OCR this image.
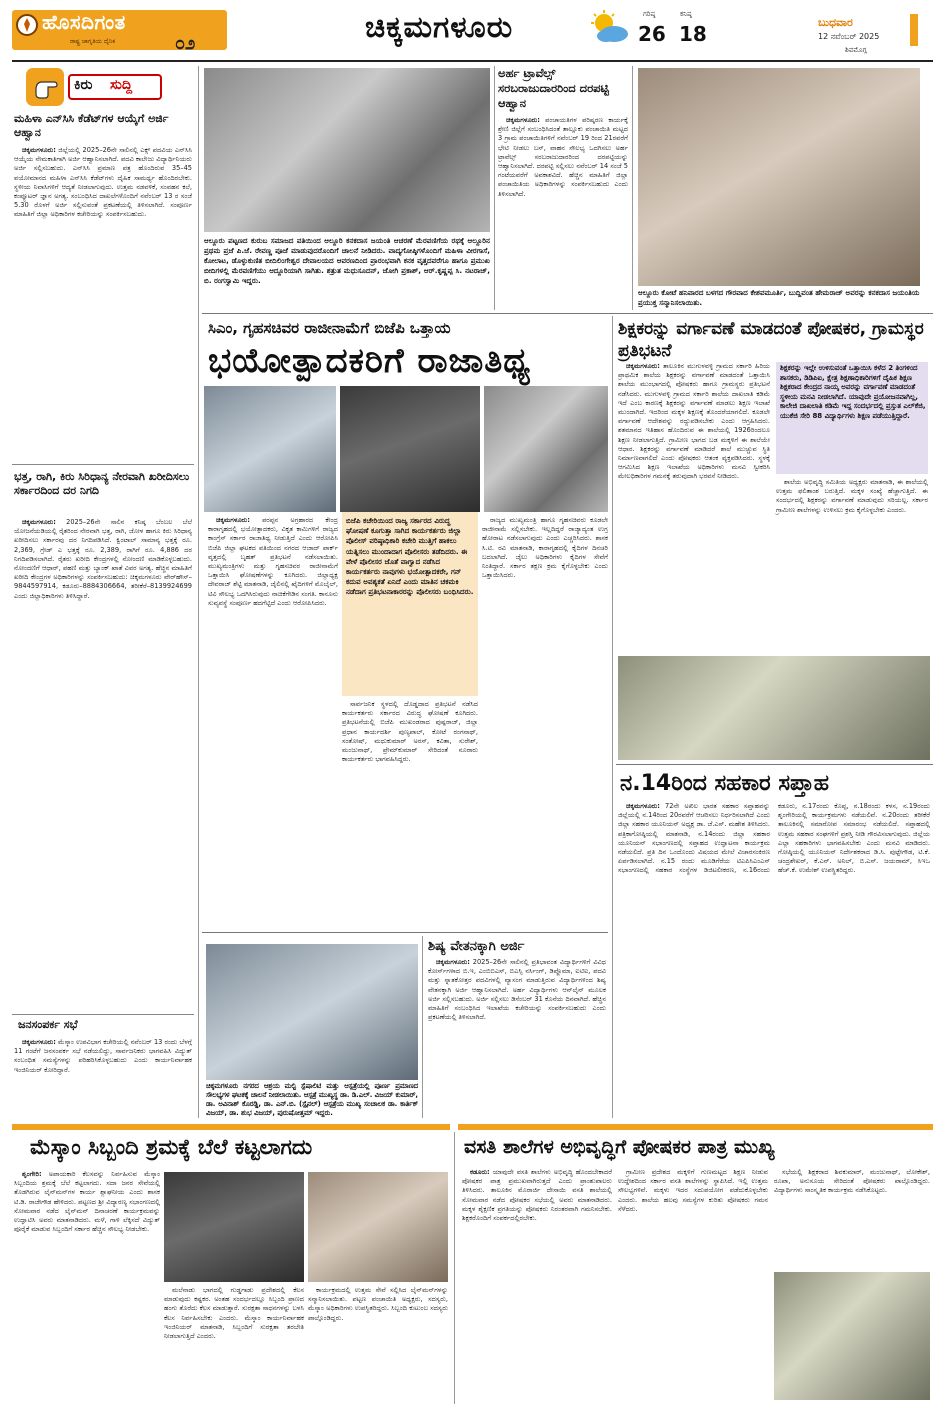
ಹೊಸದಿಗಂತ
ರಾಷ್ಟ್ರ ಜಾಗೃತಿಯ ದೈನಿಕ	೦೨	ಚಿಕ್ಕಮಗಳೂರು	ಗರಿಷ್ಠ
26
ಕನಿಷ್ಠ
18	ಬುಧವಾರ
12 ನವೆಂಬರ್ 2025
ಶಿವಮೊಗ್ಗ
ಕಿರು ಸುದ್ದಿ
ಮಹಿಳಾ ಎನ್‌ಸಿಸಿ ಕೆಡೆಟ್‌ಗಳ ಆಯ್ಕೆಗೆ ಅರ್ಜಿ ಆಹ್ವಾನ

ಚಿಕ್ಕಮಗಳೂರು: ಜಿಲ್ಲೆಯಲ್ಲಿ 2025–26ನೇ ಸಾಲಿನಲ್ಲಿ ಎಕ್ಸ್ ಪದವಿಯ ಎನ್‌ಸಿಸಿ ಆಯ್ಕೆಯ ನೇಮಕಾತಿಗಾಗಿ ಅರ್ಜಿ ಆಹ್ವಾನಿಸಲಾಗಿದೆ. ಪದವಿ ಕಾಲೇಜು ವಿದ್ಯಾರ್ಥಿನಿಯರು ಅರ್ಜಿ ಸಲ್ಲಿಸಬಹುದು. ಎನ್‌ಸಿಸಿ ಪ್ರಮಾಣ ಪತ್ರ ಹೊಂದಿರುವ 35–45 ವಯೋಮಾನದ ಮಹಿಳಾ ಎನ್‌ಸಿಸಿ ಕೆಡೆಟ್‌ಗಳು ದೈಹಿಕ ಸಾಮರ್ಥ್ಯ ಹೊಂದಿರಬೇಕು. ಸ್ಥಳೀಯ ನಿವಾಸಿಗಳಿಗೆ ಆದ್ಯತೆ ನೀಡಲಾಗುವುದು. ಉತ್ತಮ ನಡವಳಿಕೆ, ಸಂವಹನ ಕಲೆ, ಕಂಪ್ಯೂಟರ್ ಜ್ಞಾನ ಅಗತ್ಯ. ಸಂಬಂಧಿಸಿದ ದಾಖಲೆಗಳೊಂದಿಗೆ ನವೆಂಬರ್ 13 ರ ಸಂಜೆ 5.30 ರೊಳಗೆ ಅರ್ಜಿ ಸಲ್ಲಿಸುವಂತೆ ಪ್ರಕಟಣೆಯಲ್ಲಿ ತಿಳಿಸಲಾಗಿದೆ. ಸಂಪೂರ್ಣ ಮಾಹಿತಿಗೆ ಜಿಲ್ಲಾ ಅಧಿಕಾರಿಗಳ ಕಚೇರಿಯನ್ನು ಸಂಪರ್ಕಿಸಬಹುದು.

ಭತ್ತ, ರಾಗಿ, ಕಿರು ಸಿರಿಧಾನ್ಯ ನೇರವಾಗಿ ಖರೀದಿಸಲು ಸರ್ಕಾರದಿಂದ ದರ ನಿಗದಿ

ಚಿಕ್ಕಮಗಳೂರು: 2025–26ನೇ ಸಾಲಿನ ಕನಿಷ್ಠ ಬೆಂಬಲ ಬೆಲೆ ಯೋಜನೆಯಡಿಯಲ್ಲಿ ರೈತರಿಂದ ನೇರವಾಗಿ ಭತ್ತ, ರಾಗಿ, ಜೋಳ ಹಾಗೂ ಕಿರು ಸಿರಿಧಾನ್ಯ ಖರೀದಿಸಲು ಸರ್ಕಾರವು ದರ ನಿಗದಿಪಡಿಸಿದೆ. ಕ್ವಿಂಟಾಲ್ ಸಾಮಾನ್ಯ ಭತ್ತಕ್ಕೆ ರೂ. 2,369, ಗ್ರೇಡ್ ಎ ಭತ್ತಕ್ಕೆ ರೂ. 2,389, ರಾಗಿಗೆ ರೂ. 4,886 ದರ ನಿಗದಿಪಡಿಸಲಾಗಿದೆ. ರೈತರು ಖರೀದಿ ಕೇಂದ್ರಗಳಲ್ಲಿ ನೋಂದಣಿ ಮಾಡಿಕೊಳ್ಳಬಹುದು. ನೋಂದಣಿಗೆ ಆಧಾರ್, ಪಹಣಿ ಮತ್ತು ಬ್ಯಾಂಕ್ ಖಾತೆ ವಿವರ ಅಗತ್ಯ. ಹೆಚ್ಚಿನ ಮಾಹಿತಿಗೆ ಖರೀದಿ ಕೇಂದ್ರಗಳ ಅಧಿಕಾರಿಗಳನ್ನು ಸಂಪರ್ಕಿಸಬಹುದು: ಚಿಕ್ಕಮಗಳೂರು ವೇರ್‌ಹೌಸ್–9844597914, ಕಡೂರು–8884306664, ತರೀಕೆರೆ–8139924699 ಎಂದು ಜಿಲ್ಲಾಧಿಕಾರಿಗಳು ತಿಳಿಸಿದ್ದಾರೆ.

ಜನಸಂಪರ್ಕ ಸಭೆ

ಚಿಕ್ಕಮಗಳೂರು: ಮೆಸ್ಕಾಂ ಉಪವಿಭಾಗ ಕಚೇರಿಯಲ್ಲಿ ನವೆಂಬರ್ 13 ರಂದು ಬೆಳಗ್ಗೆ 11 ಗಂಟೆಗೆ ಜನಸಂಪರ್ಕ ಸಭೆ ನಡೆಯಲಿದ್ದು, ಸಾರ್ವಜನಿಕರು ಭಾಗವಹಿಸಿ ವಿದ್ಯುತ್ ಸಂಬಂಧಿತ ಸಮಸ್ಯೆಗಳನ್ನು ಪರಿಹರಿಸಿಕೊಳ್ಳಬಹುದು ಎಂದು ಕಾರ್ಯನಿರ್ವಾಹಕ ಇಂಜಿನಿಯರ್ ಕೋರಿದ್ದಾರೆ.

ಆಲ್ದೂರು ಪಟ್ಟಣದ ಕುರುಬ ಸಮಾಜದ ವತಿಯಿಂದ ಆಲ್ದೂರಿ ಕನಕದಾಸ ಜಯಂತಿ ಆಚರಣೆ ಮೆರವಣಿಗೆಯ ರಥಕ್ಕೆ ಆಲ್ದೂರಿನ ಪ್ರಥಮ ಪ್ರಜೆ ಪಿ.ಜೆ. ರೇವಣ್ಣ ಪೂಜೆ ಮಾಡುವುದರೊಂದಿಗೆ ಚಾಲನೆ ನೀಡಿದರು. ವಾದ್ಯಗೋಷ್ಠಿಗಳೊಂದಿಗೆ ಮಹಿಳಾ ವೀರಗಾಸೆ, ಕೋಲಾಟ, ಡೊಳ್ಳುಕುಣಿತ ಬೀದಿಲಿಂಗೇಶ್ವರ ದೇವಾಲಯದ ಆವರಣದಿಂದ ಪ್ರಾರಂಭವಾಗಿ ಕನಕ ವೃತ್ತದವರೆಗೂ ಹಾಗೂ ಪ್ರಮುಖ ಬೀದಿಗಳಲ್ಲಿ ಮೆರವಣಿಗೆಯು ಆದ್ದೂರಿಯಾಗಿ ಸಾಗಿತು. ಶತ್ರುತ ಮಧುಸೂದನ್, ಜೋಗಿ ಪ್ರಕಾಶ್, ಆರ್.ಕೃಷ್ಣಪ್ಪ ಸಿ. ನಟರಾಜ್, ಬಿ. ರಂಗಸ್ವಾಮಿ ಇದ್ದರು.
ಅರ್ಹ ಟ್ರಾವೆಲ್ಸ್ ಸರಬರಾಜುದಾರರಿಂದ ದರಪಟ್ಟಿ ಆಹ್ವಾನ

ಚಿಕ್ಕಮಗಳೂರು: ಪಂಚಾಯತಿಗಳ ಪರಿಷ್ಕರಣ ಕಾರ್ಯಕ್ಕೆ ಶ್ರೇಣಿ ಜಿಲ್ಲೆಗೆ ಸಂಬಂಧಿಸಿದಂತೆ ತಾಲ್ಲೂಕು ಪಂಚಾಯಿತಿ ಮಟ್ಟದ 3 ಗ್ರಾಮ ಪಂಚಾಯಿತಿಗಳಿಗೆ ನವೆಂಬರ್ 19 ರಿಂದ 21ರವರೆಗೆ ಭೇಟಿ ನೀಡಲು ಬಸ್, ವಾಹನ ಸೌಲಭ್ಯ ಒದಗಿಸಲು ಅರ್ಹ ಟ್ರಾವೆಲ್ಸ್ ಸರಬರಾಜುದಾರರಿಂದ ದರಪಟ್ಟಿಯನ್ನು ಆಹ್ವಾನಿಸಲಾಗಿದೆ. ದರಪಟ್ಟಿ ಸಲ್ಲಿಸಲು ನವೆಂಬರ್ 14 ಸಂಜೆ 5 ಗಂಟೆಯವರೆಗೆ ಅವಕಾಶವಿದೆ. ಹೆಚ್ಚಿನ ಮಾಹಿತಿಗೆ ಜಿಲ್ಲಾ ಪಂಚಾಯಿತಿಯ ಅಧಿಕಾರಿಗಳನ್ನು ಸಂಪರ್ಕಿಸಬಹುದು ಎಂದು ತಿಳಿಸಲಾಗಿದೆ.

ಆಲ್ದೂರು ಕೋಟೆ ಹನಿವಾರದ ಬಳಗದ ಗೌರವಾದ ಕೇಶವಮೂರ್ತಿ, ಬುದ್ದಿವಂತ ಹೇಮರಾಜ್ ಅವರನ್ನು ಕನಕದಾಸ ಜಯಂತಿಯ ಪ್ರಯುಕ್ತ ಸನ್ಮಾನಿಸಲಾಯಿತು.
ಸಿಎಂ, ಗೃಹಸಚಿವರ ರಾಜೀನಾಮೆಗೆ ಬಿಜೆಪಿ ಒತ್ತಾಯ
ಭಯೋತ್ಪಾದಕರಿಗೆ ರಾಜಾತಿಥ್ಯ

ಚಿಕ್ಕಮಗಳೂರು: ಪರಪ್ಪನ ಅಗ್ರಹಾರದ ಕೇಂದ್ರ ಕಾರಾಗೃಹದಲ್ಲಿ ಭಯೋತ್ಪಾದಕರು, ವಿಕೃತ ಕಾಮಿಗಳಿಗೆ ರಾಜ್ಯದ ಕಾಂಗ್ರೆಸ್ ಸರ್ಕಾರ ರಾಜಾತಿಥ್ಯ ನೀಡುತ್ತಿದೆ ಎಂದು ಆರೋಪಿಸಿ ಬಿಜೆಪಿ ಜಿಲ್ಲಾ ಘಟಕದ ವತಿಯಿಂದ ನಗರದ ಆಜಾದ್ ಪಾರ್ಕ್ ವೃತ್ತದಲ್ಲಿ ಬೃಹತ್ ಪ್ರತಿಭಟನೆ ನಡೆಸಲಾಯಿತು. ಮುಖ್ಯಮಂತ್ರಿಗಳು ಮತ್ತು ಗೃಹಸಚಿವರ ರಾಜೀನಾಮೆಗೆ ಒತ್ತಾಯಿಸಿ ಘೋಷಣೆಗಳನ್ನು ಕೂಗಿದರು. ಜಿಲ್ಲಾಧ್ಯಕ್ಷ ದೇವರಾಜ್ ಶೆಟ್ಟಿ ಮಾತನಾಡಿ, ಜೈಲಿನಲ್ಲಿ ಖೈದಿಗಳಿಗೆ ಮೊಬೈಲ್, ಟಿವಿ ಸೌಲಭ್ಯ ಒದಗಿಸಿರುವುದು ನಾಚಿಕೆಗೇಡಿನ ಸಂಗತಿ. ಕಾನೂನು ಸುವ್ಯವಸ್ಥೆ ಸಂಪೂರ್ಣ ಹದಗೆಟ್ಟಿದೆ ಎಂದು ಆರೋಪಿಸಿದರು.

ಬಿಜೆಪಿ ಕಚೇರಿಯಿಂದ ರಾಜ್ಯ ಸರ್ಕಾರದ ವಿರುದ್ಧ ಘೋಷಣೆ ಕೂಗುತ್ತಾ ಸಾಗಿದ ಕಾರ್ಯಕರ್ತರು ಜಿಲ್ಲಾ ಪೊಲೀಸ್ ವರಿಷ್ಠಾಧಿಕಾರಿ ಕಚೇರಿ ಮುತ್ತಿಗೆ ಹಾಕಲು ಯತ್ನಿಸಲು ಮುಂದಾದಾಗ ಪೊಲೀಸರು ತಡೆದಿದರು. ಈ ವೇಳೆ ಪೊಲೀಸರ ಜೊತೆ ವಾಗ್ವಾದ ನಡೆಸಿದ ಕಾರ್ಯಕರ್ತರು ನಾವುಗಳು ಭಯೋತ್ಪಾದಕರೇ, ಗನ್ ಕದುವ ಅವಶ್ಯಕತೆ ಏನಿದೆ ಎಂದು ಮಾತಿನ ಚಕಮಕಿ ನಡೆದಾಗ ಪ್ರತಿಭಟನಾಕಾರರನ್ನು ಪೊಲೀಸರು ಬಂಧಿಸಿದರು.

ಸಾರ್ವಜನಿಕ ಸ್ಥಳದಲ್ಲಿ ದೊಡ್ಡದಾದ ಪ್ರತಿಭಟನೆ ನಡೆಸಿದ ಕಾರ್ಯಕರ್ತರು ಸರ್ಕಾರದ ವಿರುದ್ಧ ಘೋಷಣೆ ಕೂಗಿದರು. ಪ್ರತಿಭಟನೆಯಲ್ಲಿ ಬಿಜೆಪಿ ಮುಖಂಡರಾದ ಪುಷ್ಪರಾಜ್, ಜಿಲ್ಲಾ ಪ್ರಧಾನ ಕಾರ್ಯದರ್ಶಿ ಪುಣ್ಯಪಾಲ್, ಕೋಟೆ ರಂಗನಾಥ್, ಸಂತೋಷ್, ಮಧುಕುಮಾರ್ ಅರಸ್, ಕವಿತಾ, ಸುರೇಶ್, ಮಂಜುನಾಥ್, ಪ್ರೇಮ್‌ಕುಮಾರ್ ಸೇರಿದಂತೆ ನೂರಾರು ಕಾರ್ಯಕರ್ತರು ಭಾಗವಹಿಸಿದ್ದರು.

ರಾಜ್ಯದ ಮುಖ್ಯಮಂತ್ರಿ ಹಾಗೂ ಗೃಹಸಚಿವರು ಕೂಡಲೇ ರಾಜೀನಾಮೆ ಸಲ್ಲಿಸಬೇಕು. ಇಲ್ಲದಿದ್ದರೆ ರಾಜ್ಯಾದ್ಯಂತ ಉಗ್ರ ಹೋರಾಟ ನಡೆಸಲಾಗುವುದು ಎಂದು ಎಚ್ಚರಿಸಿದರು. ಶಾಸಕ ಸಿ.ಟಿ. ರವಿ ಮಾತನಾಡಿ, ಕಾರಾಗೃಹದಲ್ಲಿ ಕೈದಿಗಳ ದಿನಚರಿ ಬದಲಾಗಿದೆ. ಜೈಲು ಅಧಿಕಾರಿಗಳು ಕೈದಿಗಳ ಸೇವೆಗೆ ನಿಂತಿದ್ದಾರೆ. ಸರ್ಕಾರ ತಕ್ಷಣ ಕ್ರಮ ಕೈಗೊಳ್ಳಬೇಕು ಎಂದು ಒತ್ತಾಯಿಸಿದರು.

ಶಿಕ್ಷಕರನ್ನು ವರ್ಗಾವಣೆ ಮಾಡದಂತೆ ಪೋಷಕರ, ಗ್ರಾಮಸ್ಥರ ಪ್ರತಿಭಟನೆ

ಚಿಕ್ಕಮಗಳೂರು: ತಾಲೂಕಿನ ಮುಗುಳವಳ್ಳಿ ಗ್ರಾಮದ ಸರ್ಕಾರಿ ಹಿರಿಯ ಪ್ರಾಥಮಿಕ ಶಾಲೆಯ ಶಿಕ್ಷಕರನ್ನು ವರ್ಗಾವಣೆ ಮಾಡದಂತೆ ಒತ್ತಾಯಿಸಿ ಶಾಲೆಯ ಮುಂಭಾಗದಲ್ಲಿ ಪೋಷಕರು ಹಾಗೂ ಗ್ರಾಮಸ್ಥರು ಪ್ರತಿಭಟನೆ ನಡೆಸಿದರು. ಮುಗುಳವಳ್ಳಿ ಗ್ರಾಮದ ಸರ್ಕಾರಿ ಶಾಲೆಯ ದಾಖಲಾತಿ ಕಡಿಮೆ ಇದೆ ಎಂಬ ಕಾರಣಕ್ಕೆ ಶಿಕ್ಷಕರನ್ನು ವರ್ಗಾವಣೆ ಮಾಡಲು ಶಿಕ್ಷಣ ಇಲಾಖೆ ಮುಂದಾಗಿದೆ. ಇದರಿಂದ ಮಕ್ಕಳ ಶಿಕ್ಷಣಕ್ಕೆ ತೊಂದರೆಯಾಗಲಿದೆ. ಕೂಡಲೇ ವರ್ಗಾವಣೆ ಆದೇಶವನ್ನು ರದ್ದುಪಡಿಸಬೇಕು ಎಂದು ಆಗ್ರಹಿಸಿದರು. ಶತಮಾನದ ಇತಿಹಾಸ ಹೊಂದಿರುವ ಈ ಶಾಲೆಯಲ್ಲಿ 1926ರಿಂದಲೂ ಶಿಕ್ಷಣ ನೀಡಲಾಗುತ್ತಿದೆ. ಗ್ರಾಮೀಣ ಭಾಗದ ಬಡ ಮಕ್ಕಳಿಗೆ ಈ ಶಾಲೆಯೇ ಆಧಾರ. ಶಿಕ್ಷಕರನ್ನು ವರ್ಗಾವಣೆ ಮಾಡಿದರೆ ಶಾಲೆ ಮುಚ್ಚುವ ಸ್ಥಿತಿ ನಿರ್ಮಾಣವಾಗಲಿದೆ ಎಂದು ಪೋಷಕರು ಆತಂಕ ವ್ಯಕ್ತಪಡಿಸಿದರು. ಸ್ಥಳಕ್ಕೆ ಆಗಮಿಸಿದ ಶಿಕ್ಷಣ ಇಲಾಖೆಯ ಅಧಿಕಾರಿಗಳು ಮನವಿ ಸ್ವೀಕರಿಸಿ ಮೇಲಧಿಕಾರಿಗಳ ಗಮನಕ್ಕೆ ತರುವುದಾಗಿ ಭರವಸೆ ನೀಡಿದರು.

ಶಿಕ್ಷಕರನ್ನು ಇಲ್ಲೇ ಉಳಿಸುವಂತೆ ಒತ್ತಾಯಿಸಿ ಕಳೆದ 2 ತಿಂಗಳಿಂದ ಶಾಸಕರು, ಡಿಡಿಪಿಐ, ಕ್ಷೇತ್ರ ಶಿಕ್ಷಣಾಧಿಕಾರಿಗಳಿಗೆ ದೈಹಿಕ ಶಿಕ್ಷಣ ಶಿಕ್ಷಕರಾದ ಕೇಂದ್ರದ ನಾಯ್ಕ ಅವರನ್ನು ವರ್ಗಾವಣೆ ಮಾಡದಂತೆ ಸ್ಥಳೀಯ ಮನವಿ ನೀಡಲಾಗಿದೆ. ಯಾವುದೇ ಪ್ರಯೋಜನವಾಗಿಲ್ಲ, ಕಾಲೇಜಿ ದಾಖಲಾತಿ ಕಡಿಮೆ ಇದ್ದ ಸಂದರ್ಭದಲ್ಲಿ ಪ್ರಸ್ತುತ ಎಲ್‌ಕೆಜಿ, ಯುಕೆಜಿ ಸೇರಿ 88 ವಿದ್ಯಾರ್ಥಿಗಳು ಶಿಕ್ಷಣ ಪಡೆಯುತ್ತಿದ್ದಾರೆ.

ಶಾಲೆಯ ಅಭಿವೃದ್ಧಿ ಸಮಿತಿಯ ಅಧ್ಯಕ್ಷರು ಮಾತನಾಡಿ, ಈ ಶಾಲೆಯಲ್ಲಿ ಉತ್ತಮ ಫಲಿತಾಂಶ ಬರುತ್ತಿದೆ. ಮಕ್ಕಳ ಸಂಖ್ಯೆ ಹೆಚ್ಚಾಗುತ್ತಿದೆ. ಈ ಸಂದರ್ಭದಲ್ಲಿ ಶಿಕ್ಷಕರನ್ನು ವರ್ಗಾವಣೆ ಮಾಡುವುದು ಸರಿಯಲ್ಲ. ಸರ್ಕಾರ ಗ್ರಾಮೀಣ ಶಾಲೆಗಳನ್ನು ಉಳಿಸಲು ಕ್ರಮ ಕೈಗೊಳ್ಳಬೇಕು ಎಂದರು.

ನ.14ರಿಂದ ಸಹಕಾರ ಸಪ್ತಾಹ

ಚಿಕ್ಕಮಗಳೂರು: 72ನೇ ಅಖಿಲ ಭಾರತ ಸಹಕಾರ ಸಪ್ತಾಹವನ್ನು ಜಿಲ್ಲೆಯಲ್ಲಿ ನ.14ರಿಂದ 20ರವರೆಗೆ ಆಚರಿಸಲು ನಿರ್ಧರಿಸಲಾಗಿದೆ ಎಂದು ಜಿಲ್ಲಾ ಸಹಕಾರ ಯೂನಿಯನ್ ಅಧ್ಯಕ್ಷ ಡಾ. ಜೆ.ಎಸ್. ಮಹೇಶ ತಿಳಿಸಿದರು. ಪತ್ರಿಕಾಗೋಷ್ಠಿಯಲ್ಲಿ ಮಾತನಾಡಿ, ನ.14ರಂದು ಜಿಲ್ಲಾ ಸಹಕಾರ ಯೂನಿಯನ್ ಸಭಾಂಗಣದಲ್ಲಿ ಸಪ್ತಾಹದ ಉದ್ಘಾಟನಾ ಕಾರ್ಯಕ್ರಮ ನಡೆಯಲಿದೆ. ಪ್ರತಿ ದಿನ ಒಂದೊಂದು ವಿಷಯದ ಮೇಲೆ ವಿಚಾರಸಂಕಿರಣ ಏರ್ಪಡಿಸಲಾಗಿದೆ. ನ.15 ರಂದು ಮೂಡಿಗೆರೆಯ ಟಿಎಪಿಸಿಎಂಎಸ್ ಸಭಾಂಗಣದಲ್ಲಿ ಸಹಕಾರ ಸಂಸ್ಥೆಗಳ ಡಿಜಿಟಲೀಕರಣ, ನ.16ರಂದು ಕಡೂರು, ನ.17ರಂದು ಕೊಪ್ಪ, ನ.18ರಂದು ಕಳಸ, ನ.19ರಂದು ಶೃಂಗೇರಿಯಲ್ಲಿ ಕಾರ್ಯಕ್ರಮಗಳು ನಡೆಯಲಿವೆ. ನ.20ರಂದು ತರೀಕೆರೆ ತಾಲೂಕಿನಲ್ಲಿ ಸಮಾರೋಪ ಸಮಾರಂಭ ನಡೆಯಲಿದೆ. ಸಪ್ತಾಹದಲ್ಲಿ ಉತ್ತಮ ಸಹಕಾರ ಸಂಘಗಳಿಗೆ ಪ್ರಶಸ್ತಿ ನೀಡಿ ಗೌರವಿಸಲಾಗುವುದು. ಜಿಲ್ಲೆಯ ಎಲ್ಲಾ ಸಹಕಾರಿಗಳು ಭಾಗವಹಿಸಬೇಕು ಎಂದು ಮನವಿ ಮಾಡಿದರು. ಗೋಷ್ಠಿಯಲ್ಲಿ ಯೂನಿಯನ್ ನಿರ್ದೇಶಕರಾದ ಡಿ.ಸಿ. ಪುಟ್ಟೇಗೌಡ, ಟಿ.ಕೆ. ಚಂದ್ರಶೇಖರ್, ಕೆ.ಎನ್. ಅನಿಲ್, ಬಿ.ಎಸ್. ಜಯರಾಮ್, ಸಿಇಒ ಹೆಚ್.ಕೆ. ಉಮೇಶ್ ಉಪಸ್ಥಿತರಿದ್ದರು.

ಚಿಕ್ಕಮಗಳೂರು ನಗರದ ಆಶ್ರಯ ಮಲ್ಟಿ ಸ್ಪೆಷಾಲಿಟಿ ಮತ್ತು ಆಸ್ಪತ್ರೆಯಲ್ಲಿ ಪೂರ್ಣ ಪ್ರಮಾಣದ ಸೌಲಭ್ಯಗಳ ಘಟಕಕ್ಕೆ ಚಾಲನೆ ನೀಡಲಾಯಿತು. ಆಸ್ಪತ್ರೆ ಮುಖ್ಯಸ್ಥ ಡಾ. ಡಿ.ಎಲ್. ವಿಜಯ್ ಕುಮಾರ್, ಡಾ. ಅವಿನಾಶ್ ಕೊರಡ್ಡಿ, ಡಾ. ಎನ್.ಬಿ. (ಸ್ಪೈನಲ್) ಆಸ್ಪತ್ರೆಯ ಮುಖ್ಯ ಸಂಚಾಲಕ ಡಾ. ಕಾರ್ತಿಕ್ ವಿಜಯ್, ಡಾ. ಶುಭ ವಿಜಯ್, ಪುರುಷೋತ್ತಮ್ ಇದ್ದರು.
ಶಿಷ್ಯ ವೇತನಕ್ಕಾಗಿ ಅರ್ಜಿ

ಚಿಕ್ಕಮಗಳೂರು: 2025–26ನೇ ಸಾಲಿನಲ್ಲಿ ಪ್ರತಿಭಾವಂತ ವಿದ್ಯಾರ್ಥಿಗಳಿಗೆ ವಿವಿಧ ಕೋರ್ಸ್‌ಗಳಾದ ಬಿ.ಇ, ಎಂಬಿಬಿಎಸ್, ಬಿಎಸ್ಸಿ ನರ್ಸಿಂಗ್, ಡಿಪ್ಲೊಮಾ, ಐಟಿಐ, ಪದವಿ ಮತ್ತು ಸ್ನಾತಕೋತ್ತರ ಪದವಿಗಳಲ್ಲಿ ವ್ಯಾಸಂಗ ಮಾಡುತ್ತಿರುವ ವಿದ್ಯಾರ್ಥಿಗಳಿಂದ ಶಿಷ್ಯ ವೇತನಕ್ಕಾಗಿ ಅರ್ಜಿ ಆಹ್ವಾನಿಸಲಾಗಿದೆ. ಅರ್ಹ ವಿದ್ಯಾರ್ಥಿಗಳು ಆನ್‌ಲೈನ್ ಮೂಲಕ ಅರ್ಜಿ ಸಲ್ಲಿಸಬಹುದು. ಅರ್ಜಿ ಸಲ್ಲಿಸಲು ಡಿಸೆಂಬರ್ 31 ಕೊನೆಯ ದಿನವಾಗಿದೆ. ಹೆಚ್ಚಿನ ಮಾಹಿತಿಗೆ ಸಂಬಂಧಿಸಿದ ಇಲಾಖೆಯ ಕಚೇರಿಯನ್ನು ಸಂಪರ್ಕಿಸಬಹುದು ಎಂದು ಪ್ರಕಟಣೆಯಲ್ಲಿ ತಿಳಿಸಲಾಗಿದೆ.

ಮೆಸ್ಕಾಂ ಸಿಬ್ಬಂದಿ ಶ್ರಮಕ್ಕೆ ಬೆಲೆ ಕಟ್ಟಲಾಗದು

ಶೃಂಗೇರಿ: ಅಪಾಯಕಾರಿ ಕೆಲಸವನ್ನು ನಿರ್ವಹಿಸುವ ಮೆಸ್ಕಾಂ ಸಿಬ್ಬಂದಿಯ ಶ್ರಮಕ್ಕೆ ಬೆಲೆ ಕಟ್ಟಲಾಗದು. ಸದಾ ಜನರ ಸೇವೆಯಲ್ಲಿ ತೊಡಗಿರುವ ಲೈನ್‌ಮನ್‌ಗಳ ಕಾರ್ಯ ಶ್ಲಾಘನೀಯ ಎಂದು ಶಾಸಕ ಟಿ.ಡಿ. ರಾಜೇಗೌಡ ಹೇಳಿದರು. ಪಟ್ಟಣದ ಶ್ರೀ ವಿದ್ಯಾರಣ್ಯ ಸಭಾಂಗಣದಲ್ಲಿ ಸೋಮವಾರ ನಡೆದ ಲೈನ್‌ಮನ್ ದಿನಾಚರಣೆ ಕಾರ್ಯಕ್ರಮವನ್ನು ಉದ್ಘಾಟಿಸಿ ಅವರು ಮಾತನಾಡಿದರು. ಮಳೆ, ಗಾಳಿ ಲೆಕ್ಕಿಸದೆ ವಿದ್ಯುತ್ ಪೂರೈಕೆ ಮಾಡುವ ಸಿಬ್ಬಂದಿಗೆ ಸರ್ಕಾರ ಹೆಚ್ಚಿನ ಸೌಲಭ್ಯ ನೀಡಬೇಕು.

ಮಲೆನಾಡು ಭಾಗದಲ್ಲಿ ಗುಡ್ಡಗಾಡು ಪ್ರದೇಶದಲ್ಲಿ ಕೆಲಸ ಮಾಡುವುದು ಕಷ್ಟಕರ. ಅಂತಹ ಸಂದರ್ಭದಲ್ಲೂ ಸಿಬ್ಬಂದಿ ಪ್ರಾಣದ ಹಂಗು ತೊರೆದು ಕೆಲಸ ಮಾಡುತ್ತಾರೆ. ಸುರಕ್ಷತಾ ಸಾಧನಗಳನ್ನು ಬಳಸಿ ಕೆಲಸ ನಿರ್ವಹಿಸಬೇಕು ಎಂದರು. ಮೆಸ್ಕಾಂ ಕಾರ್ಯನಿರ್ವಾಹಕ ಇಂಜಿನಿಯರ್ ಮಾತನಾಡಿ, ಸಿಬ್ಬಂದಿಗೆ ಸುರಕ್ಷತಾ ತರಬೇತಿ ನೀಡಲಾಗುತ್ತಿದೆ ಎಂದರು.

ಕಾರ್ಯಕ್ರಮದಲ್ಲಿ ಉತ್ತಮ ಸೇವೆ ಸಲ್ಲಿಸಿದ ಲೈನ್‌ಮನ್‌ಗಳನ್ನು ಸನ್ಮಾನಿಸಲಾಯಿತು. ಪಟ್ಟಣ ಪಂಚಾಯಿತಿ ಅಧ್ಯಕ್ಷರು, ಸದಸ್ಯರು, ಮೆಸ್ಕಾಂ ಅಧಿಕಾರಿಗಳು ಉಪಸ್ಥಿತರಿದ್ದರು. ಸಿಬ್ಬಂದಿ ಕುಟುಂಬ ಸದಸ್ಯರು ಪಾಲ್ಗೊಂಡಿದ್ದರು.

ವಸತಿ ಶಾಲೆಗಳ ಅಭಿವೃದ್ಧಿಗೆ ಪೋಷಕರ ಪಾತ್ರ ಮುಖ್ಯ

ಕಡೂರು: ಯಾವುದೇ ವಸತಿ ಶಾಲೆಗಳು ಅಭಿವೃದ್ಧಿ ಹೊಂದಬೇಕಾದರೆ ಪೋಷಕರ ಪಾತ್ರ ಪ್ರಮುಖವಾಗಿರುತ್ತದೆ ಎಂದು ಪ್ರಾಂಶುಪಾಲರು ತಿಳಿಸಿದರು. ತಾಲೂಕಿನ ಮೊರಾರ್ಜಿ ದೇಸಾಯಿ ವಸತಿ ಶಾಲೆಯಲ್ಲಿ ಸೋಮವಾರ ನಡೆದ ಪೋಷಕರ ಸಭೆಯಲ್ಲಿ ಅವರು ಮಾತನಾಡಿದರು. ಮಕ್ಕಳ ಶೈಕ್ಷಣಿಕ ಪ್ರಗತಿಯನ್ನು ಪೋಷಕರು ನಿರಂತರವಾಗಿ ಗಮನಿಸಬೇಕು. ಶಿಕ್ಷಕರೊಂದಿಗೆ ಸಂಪರ್ಕದಲ್ಲಿರಬೇಕು.

ಗ್ರಾಮೀಣ ಪ್ರದೇಶದ ಮಕ್ಕಳಿಗೆ ಗುಣಮಟ್ಟದ ಶಿಕ್ಷಣ ನೀಡುವ ಉದ್ದೇಶದಿಂದ ಸರ್ಕಾರ ವಸತಿ ಶಾಲೆಗಳನ್ನು ಸ್ಥಾಪಿಸಿದೆ. ಇಲ್ಲಿ ಉತ್ತಮ ಸೌಲಭ್ಯಗಳಿವೆ. ಮಕ್ಕಳು ಇದರ ಸದುಪಯೋಗ ಪಡೆದುಕೊಳ್ಳಬೇಕು ಎಂದರು. ಶಾಲೆಯ ಹಲವು ಸಮಸ್ಯೆಗಳ ಕುರಿತು ಪೋಷಕರು ಗಮನ ಸೆಳೆದರು.

ಸಭೆಯಲ್ಲಿ ಶಿಕ್ಷಕರಾದ ಶಿವಕುಮಾರ್, ಮಂಜುನಾಥ್, ಲೋಕೇಶ್, ರೂಪಾ, ಅನುಸೂಯ ಸೇರಿದಂತೆ ಪೋಷಕರು ಪಾಲ್ಗೊಂಡಿದ್ದರು. ವಿದ್ಯಾರ್ಥಿಗಳು ಸಾಂಸ್ಕೃತಿಕ ಕಾರ್ಯಕ್ರಮ ನಡೆಸಿಕೊಟ್ಟರು.
